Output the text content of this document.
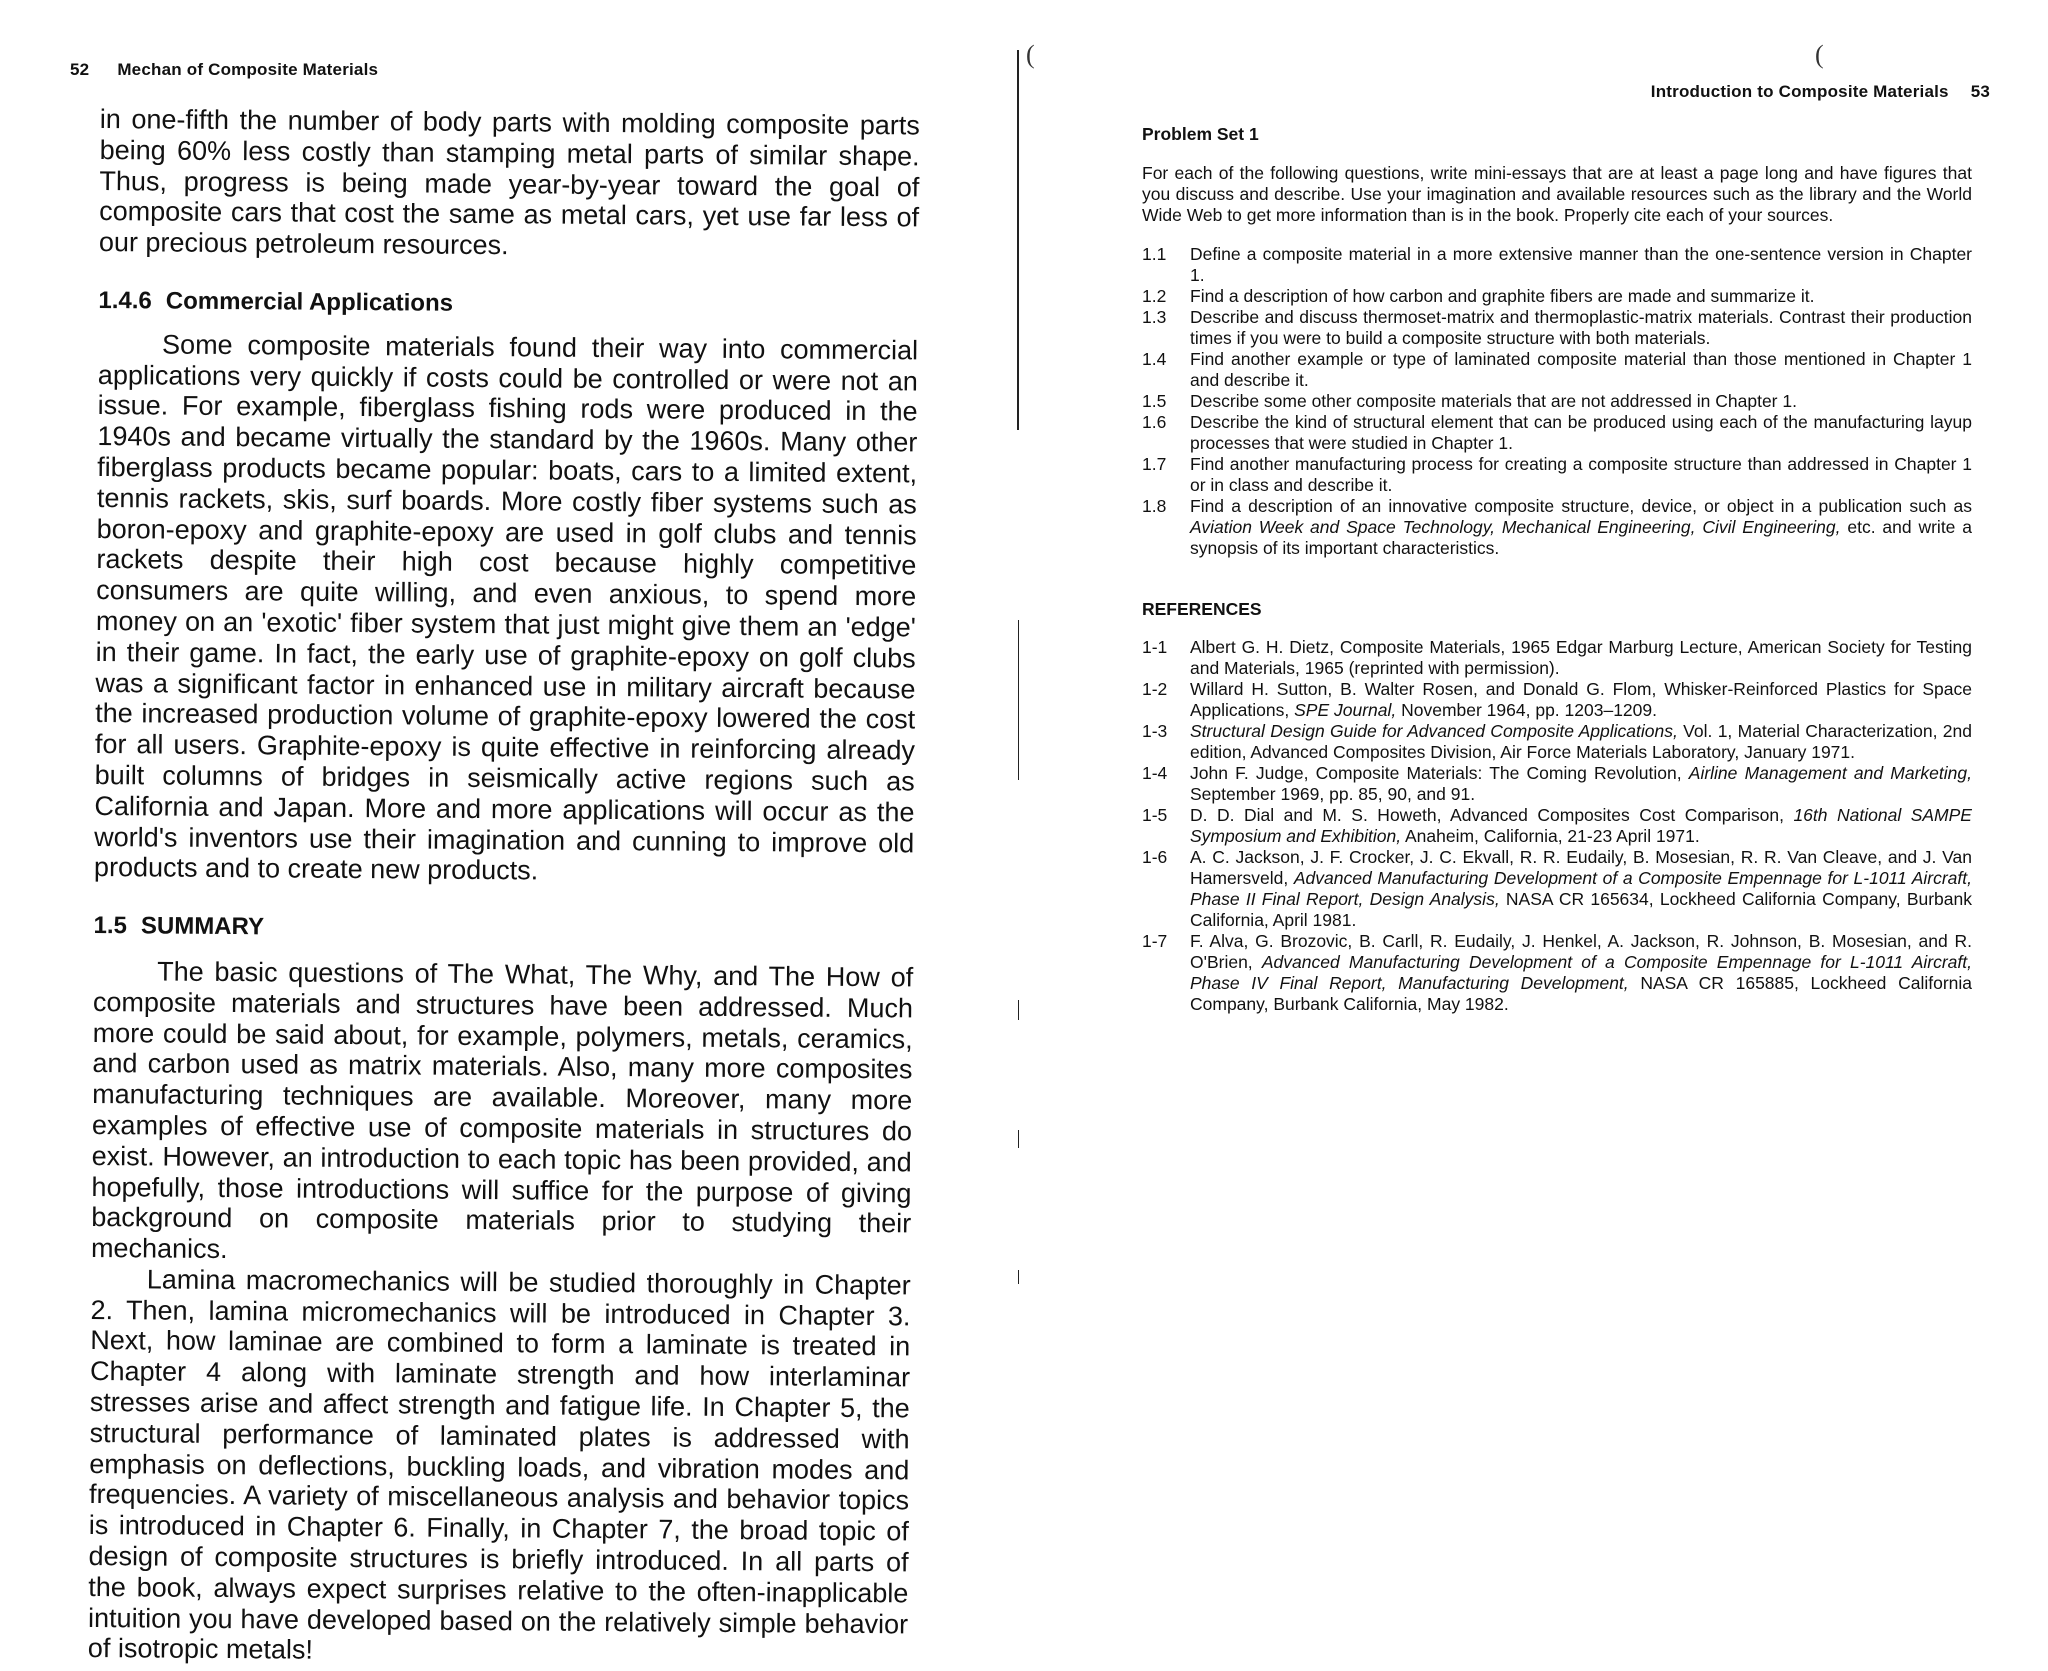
52 Mechan of Composite Materials

in one-fifth the number of body parts with molding composite parts being 60% less costly than stamping metal parts of similar shape. Thus, progress is being made year-by-year toward the goal of composite cars that cost the same as metal cars, yet use far less of our precious petroleum resources.

1.4.6 Commercial Applications

Some composite materials found their way into commercial applications very quickly if costs could be controlled or were not an issue. For example, fiberglass fishing rods were produced in the 1940s and became virtually the standard by the 1960s. Many other fiberglass products became popular: boats, cars to a limited extent, tennis rackets, skis, surf boards. More costly fiber systems such as boron-epoxy and graphite-epoxy are used in golf clubs and tennis rackets despite their high cost because highly competitive consumers are quite willing, and even anxious, to spend more money on an 'exotic' fiber system that just might give them an 'edge' in their game. In fact, the early use of graphite-epoxy on golf clubs was a significant factor in enhanced use in military aircraft because the increased production volume of graphite-epoxy lowered the cost for all users. Graphite-epoxy is quite effective in reinforcing already built columns of bridges in seismically active regions such as California and Japan. More and more applications will occur as the world's inventors use their imagination and cunning to improve old products and to create new products.

1.5 SUMMARY

The basic questions of The What, The Why, and The How of composite materials and structures have been addressed. Much more could be said about, for example, polymers, metals, ceramics, and carbon used as matrix materials. Also, many more composites manufacturing techniques are available. Moreover, many more examples of effective use of composite materials in structures do exist. However, an introduction to each topic has been provided, and hopefully, those introductions will suffice for the purpose of giving background on composite materials prior to studying their mechanics.

Lamina macromechanics will be studied thoroughly in Chapter 2. Then, lamina micromechanics will be introduced in Chapter 3. Next, how laminae are combined to form a laminate is treated in Chapter 4 along with laminate strength and how interlaminar stresses arise and affect strength and fatigue life. In Chapter 5, the structural performance of laminated plates is addressed with emphasis on deflections, buckling loads, and vibration modes and frequencies. A variety of miscellaneous analysis and behavior topics is introduced in Chapter 6. Finally, in Chapter 7, the broad topic of design of composite structures is briefly introduced. In all parts of the book, always expect surprises relative to the often-inapplicable intuition you have developed based on the relatively simple behavior of isotropic metals!

(	(
Introduction to Composite Materials 53
Problem Set 1

For each of the following questions, write mini-essays that are at least a page long and have figures that you discuss and describe. Use your imagination and available resources such as the library and the World Wide Web to get more information than is in the book. Properly cite each of your sources.

1.1	Define a composite material in a more extensive manner than the one-sentence version in Chapter 1.
1.2	Find a description of how carbon and graphite fibers are made and summarize it.
1.3	Describe and discuss thermoset-matrix and thermoplastic-matrix materials. Contrast their production times if you were to build a composite structure with both materials.
1.4	Find another example or type of laminated composite material than those mentioned in Chapter 1 and describe it.
1.5	Describe some other composite materials that are not addressed in Chapter 1.
1.6	Describe the kind of structural element that can be produced using each of the manufacturing layup processes that were studied in Chapter 1.
1.7	Find another manufacturing process for creating a composite structure than addressed in Chapter 1 or in class and describe it.
1.8	Find a description of an innovative composite structure, device, or object in a publication such as Aviation Week and Space Technology, Mechanical Engineering, Civil Engineering, etc. and write a synopsis of its important characteristics.
REFERENCES
1-1	Albert G. H. Dietz, Composite Materials, 1965 Edgar Marburg Lecture, American Society for Testing and Materials, 1965 (reprinted with permission).
1-2	Willard H. Sutton, B. Walter Rosen, and Donald G. Flom, Whisker-Reinforced Plastics for Space Applications, SPE Journal, November 1964, pp. 1203–1209.
1-3	Structural Design Guide for Advanced Composite Applications, Vol. 1, Material Characterization, 2nd edition, Advanced Composites Division, Air Force Materials Laboratory, January 1971.
1-4	John F. Judge, Composite Materials: The Coming Revolution, Airline Management and Marketing, September 1969, pp. 85, 90, and 91.
1-5	D. D. Dial and M. S. Howeth, Advanced Composites Cost Comparison, 16th National SAMPE Symposium and Exhibition, Anaheim, California, 21-23 April 1971.
1-6	A. C. Jackson, J. F. Crocker, J. C. Ekvall, R. R. Eudaily, B. Mosesian, R. R. Van Cleave, and J. Van Hamersveld, Advanced Manufacturing Development of a Composite Empennage for L-1011 Aircraft, Phase II Final Report, Design Analysis, NASA CR 165634, Lockheed California Company, Burbank California, April 1981.
1-7	F. Alva, G. Brozovic, B. Carll, R. Eudaily, J. Henkel, A. Jackson, R. Johnson, B. Mosesian, and R. O'Brien, Advanced Manufacturing Development of a Composite Empennage for L-1011 Aircraft, Phase IV Final Report, Manufacturing Development, NASA CR 165885, Lockheed California Company, Burbank California, May 1982.
